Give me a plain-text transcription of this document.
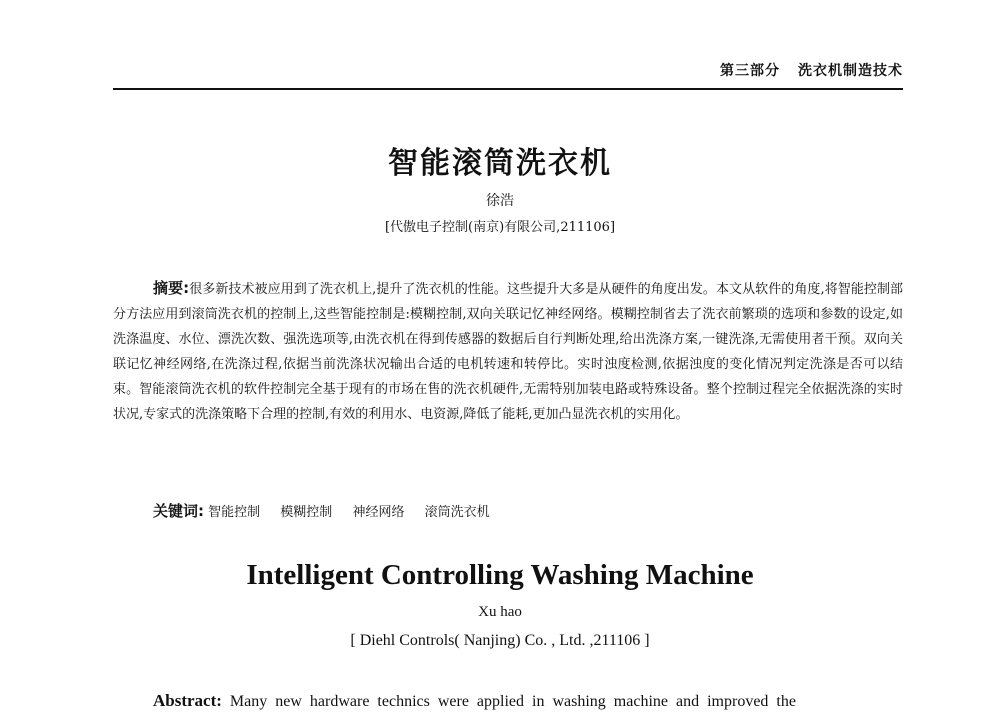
第三部分 洗衣机制造技术
智能滚筒洗衣机
徐浩
[代傲电子控制(南京)有限公司,211106]
摘要:很多新技术被应用到了洗衣机上,提升了洗衣机的性能。这些提升大多是从硬件的角度出发。本文从软件的角度,将智能控制部分方法应用到滚筒洗衣机的控制上,这些智能控制是:模糊控制,双向关联记忆神经网络。模糊控制省去了洗衣前繁琐的选项和参数的设定,如洗涤温度、水位、漂洗次数、强洗选项等,由洗衣机在得到传感器的数据后自行判断处理,给出洗涤方案,一键洗涤,无需使用者干预。双向关联记忆神经网络,在洗涤过程,依据当前洗涤状况输出合适的电机转速和转停比。实时浊度检测,依据浊度的变化情况判定洗涤是否可以结束。智能滚筒洗衣机的软件控制完全基于现有的市场在售的洗衣机硬件,无需特别加装电路或特殊设备。整个控制过程完全依据洗涤的实时状况,专家式的洗涤策略下合理的控制,有效的利用水、电资源,降低了能耗,更加凸显洗衣机的实用化。
关键词: 智能控制 模糊控制 神经网络 滚筒洗衣机
Intelligent Controlling Washing Machine
Xu hao
[ Diehl Controls( Nanjing) Co. , Ltd. ,211106 ]
Abstract: Many new hardware technics were applied in washing machine and improved the
